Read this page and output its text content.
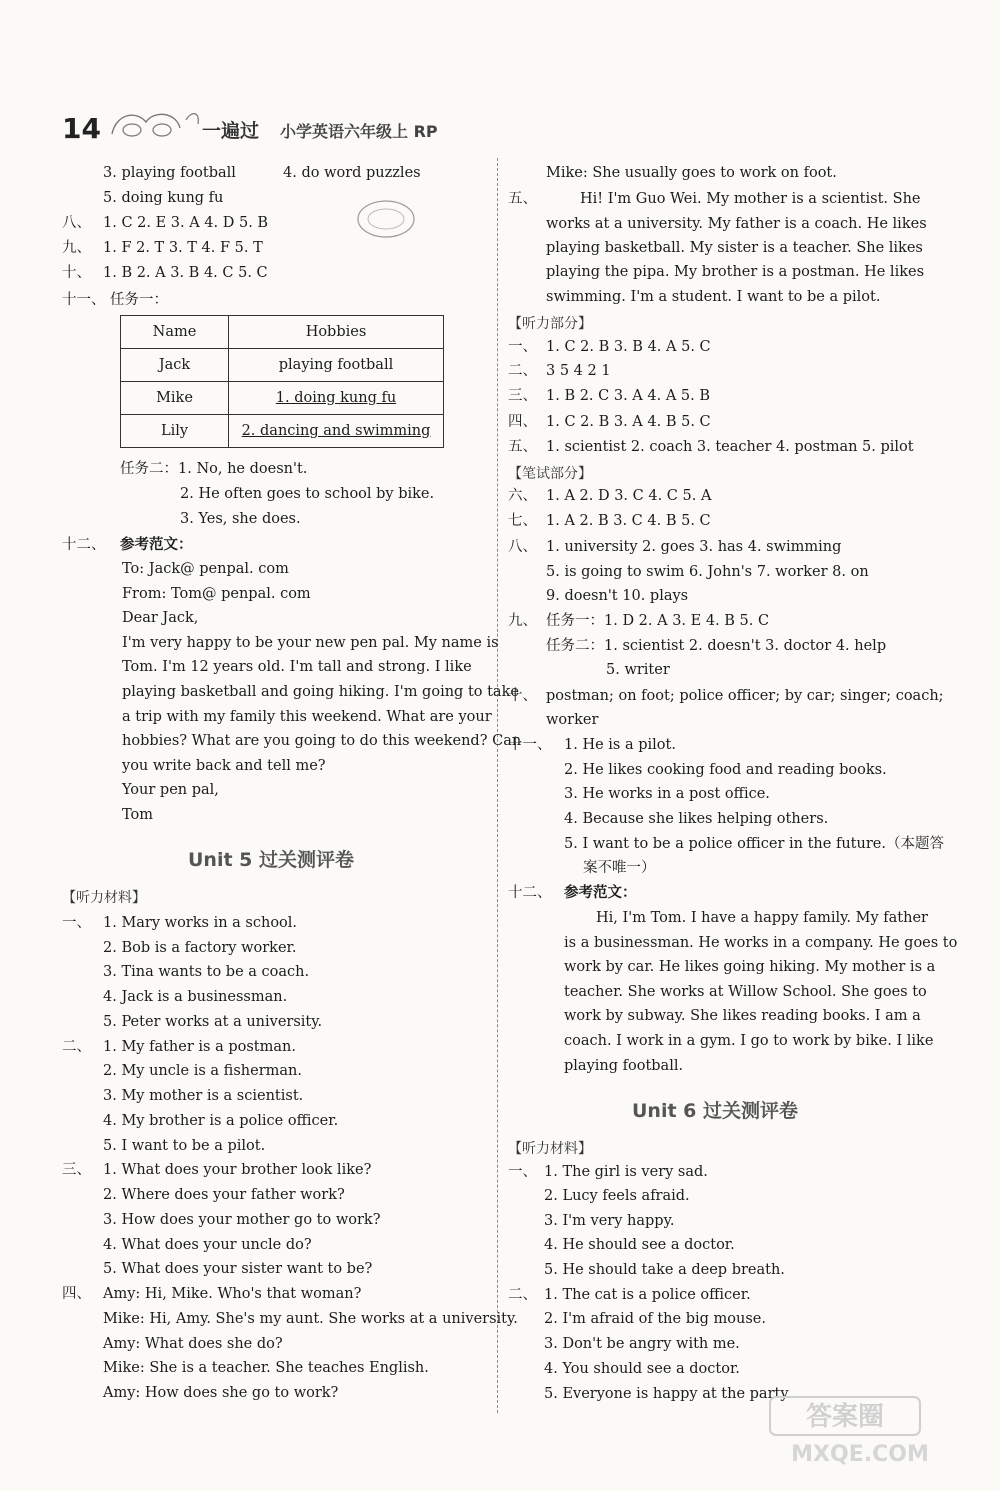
14	一遍过 小学英语六年级上 RP
3. playing football	4. do word puzzles
5. doing kung fu
八、 1. C 2. E 3. A 4. D 5. B
九、 1. F 2. T 3. T 4. F 5. T
十、 1. B 2. A 3. B 4. C 5. C
十一、 任务一：
Name	Hobbies
Jack	playing football
Mike	1. doing kung fu
Lily	2. dancing and swimming
任务二：1. No, he doesn't.
2. He often goes to school by bike.
3. Yes, she does.
十二、 参考范文：
To: Jack@ penpal. com
From: Tom@ penpal. com
Dear Jack,
I'm very happy to be your new pen pal. My name is
Tom. I'm 12 years old. I'm tall and strong. I like
playing basketball and going hiking. I'm going to take
a trip with my family this weekend. What are your
hobbies? What are you going to do this weekend? Can
you write back and tell me?
Your pen pal,
Tom
Unit 5 过关测评卷
【听力材料】
一、 1. Mary works in a school.
2. Bob is a factory worker.
3. Tina wants to be a coach.
4. Jack is a businessman.
5. Peter works at a university.
二、 1. My father is a postman.
2. My uncle is a fisherman.
3. My mother is a scientist.
4. My brother is a police officer.
5. I want to be a pilot.
三、 1. What does your brother look like?
2. Where does your father work?
3. How does your mother go to work?
4. What does your uncle do?
5. What does your sister want to be?
四、 Amy: Hi, Mike. Who's that woman?
Mike: Hi, Amy. She's my aunt. She works at a university.
Amy: What does she do?
Mike: She is a teacher. She teaches English.
Amy: How does she go to work?
Mike: She usually goes to work on foot.
五、	Hi! I'm Guo Wei. My mother is a scientist. She
works at a university. My father is a coach. He likes
playing basketball. My sister is a teacher. She likes
playing the pipa. My brother is a postman. He likes
swimming. I'm a student. I want to be a pilot.
【听力部分】
一、 1. C 2. B 3. B 4. A 5. C
二、 3 5 4 2 1
三、 1. B 2. C 3. A 4. A 5. B
四、 1. C 2. B 3. A 4. B 5. C
五、 1. scientist 2. coach 3. teacher 4. postman 5. pilot
【笔试部分】
六、 1. A 2. D 3. C 4. C 5. A
七、 1. A 2. B 3. C 4. B 5. C
八、 1. university 2. goes 3. has 4. swimming
5. is going to swim 6. John's 7. worker 8. on
9. doesn't 10. plays
九、 任务一：1. D 2. A 3. E 4. B 5. C
任务二：1. scientist 2. doesn't 3. doctor 4. help
5. writer
十、 postman; on foot; police officer; by car; singer; coach;
worker
十一、 1. He is a pilot.
2. He likes cooking food and reading books.
3. He works in a post office.
4. Because she likes helping others.
5. I want to be a police officer in the future.（本题答
案不唯一）
十二、 参考范文：
Hi, I'm Tom. I have a happy family. My father
is a businessman. He works in a company. He goes to
work by car. He likes going hiking. My mother is a
teacher. She works at Willow School. She goes to
work by subway. She likes reading books. I am a
coach. I work in a gym. I go to work by bike. I like
playing football.
Unit 6 过关测评卷
【听力材料】
一、 1. The girl is very sad.
2. Lucy feels afraid.
3. I'm very happy.
4. He should see a doctor.
5. He should take a deep breath.
二、 1. The cat is a police officer.
2. I'm afraid of the big mouse.
3. Don't be angry with me.
4. You should see a doctor.
5. Everyone is happy at the party.
答案圈
MXQE.COM
